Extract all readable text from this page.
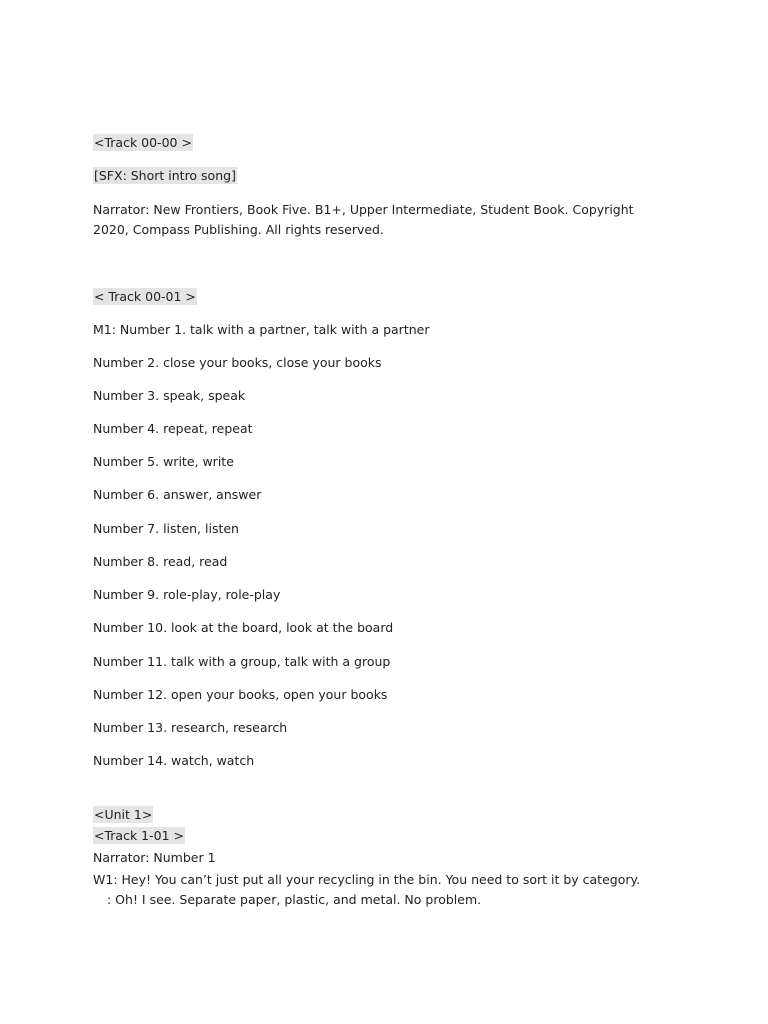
<Track 00-00 >
[SFX: Short intro song]
Narrator: New Frontiers, Book Five. B1+, Upper Intermediate, Student Book. Copyright 2020, Compass Publishing. All rights reserved.
< Track 00-01 >
M1: Number 1. talk with a partner, talk with a partner
Number 2. close your books, close your books
Number 3. speak, speak
Number 4. repeat, repeat
Number 5. write, write
Number 6. answer, answer
Number 7. listen, listen
Number 8. read, read
Number 9. role-play, role-play
Number 10. look at the board, look at the board
Number 11. talk with a group, talk with a group
Number 12. open your books, open your books
Number 13. research, research
Number 14. watch, watch
<Unit 1>
<Track 1-01 >
Narrator: Number 1
W1: Hey! You can’t just put all your recycling in the bin. You need to sort it by category.
: Oh! I see. Separate paper, plastic, and metal. No problem.
